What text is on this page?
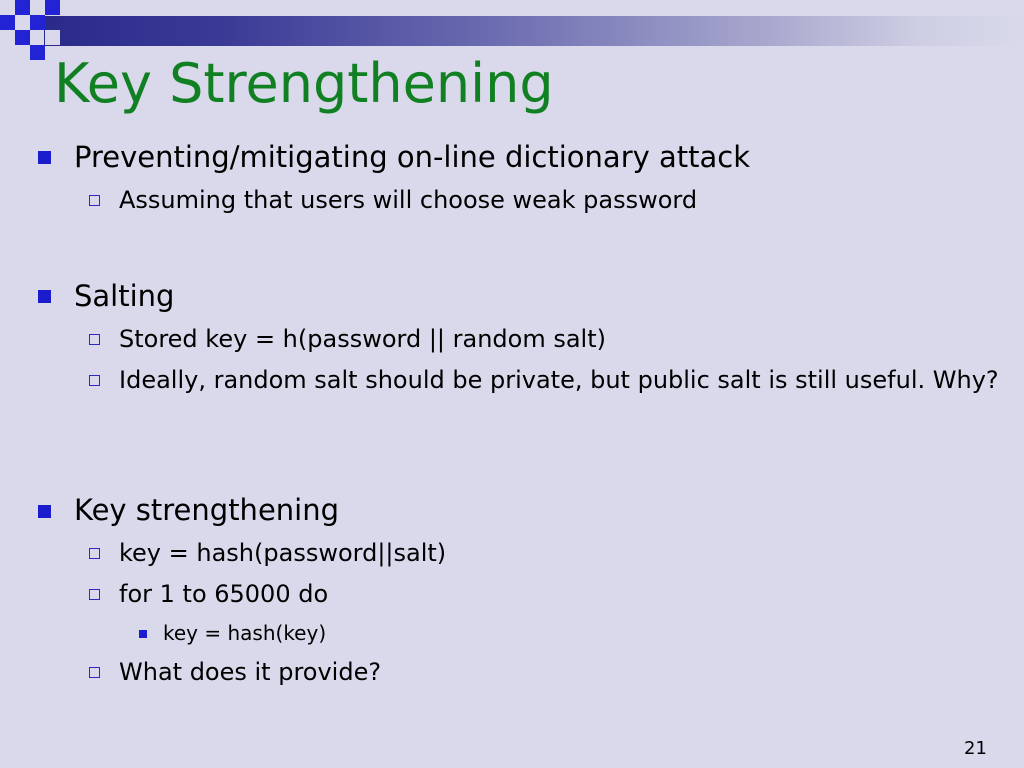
Key Strengthening
Preventing/mitigating on-line dictionary attack
Assuming that users will choose weak password
Salting
Stored key = h(password || random salt)
Ideally, random salt should be private, but public salt is still useful. Why?
Key strengthening
key = hash(password||salt)
for 1 to 65000 do
key = hash(key)
What does it provide?
21
